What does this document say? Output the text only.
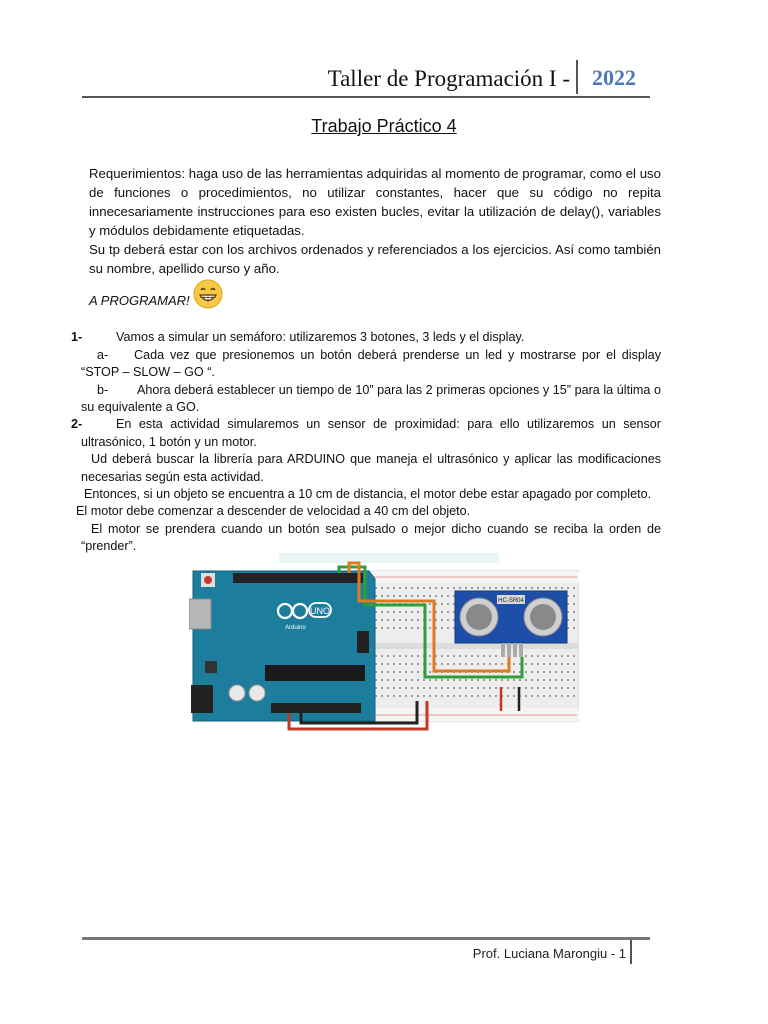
Taller de Programación I -	2022
Trabajo Práctico 4

Requerimientos: haga uso de las herramientas adquiridas al momento de programar, como el uso de funciones o procedimientos, no utilizar constantes, hacer que su código no repita innecesariamente instrucciones para eso existen bucles, evitar la utilización de delay(), variables y módulos debidamente etiquetadas.

Su tp deberá estar con los archivos ordenados y referenciados a los ejercicios. Así como también su nombre, apellido curso y año.

A PROGRAMAR!
1-	Vamos a simular un semáforo: utilizaremos 3 botones, 3 leds y el display.
a- Cada vez que presionemos un botón deberá prenderse un led y mostrarse por el display
“STOP – SLOW – GO “.
b- Ahora deberá establecer un tiempo de 10” para las 2 primeras opciones y 15” para la última o
su equivalente a GO.
2-	En esta actividad simularemos un sensor de proximidad: para ello utilizaremos un sensor
ultrasónico, 1 botón y un motor.
Ud deberá buscar la librería para ARDUINO que maneja el ultrasónico y aplicar las modificaciones
necesarias según esta actividad.
Entonces, si un objeto se encuentra a 10 cm de distancia, el motor debe estar apagado por completo.
El motor debe comenzar a descender de velocidad a 40 cm del objeto.
El motor se prendera cuando un botón sea pulsado o mejor dicho cuando se reciba la orden de
“prender”.
UNO
Arduino
HC-SR04
Prof. Luciana Marongiu - 1
